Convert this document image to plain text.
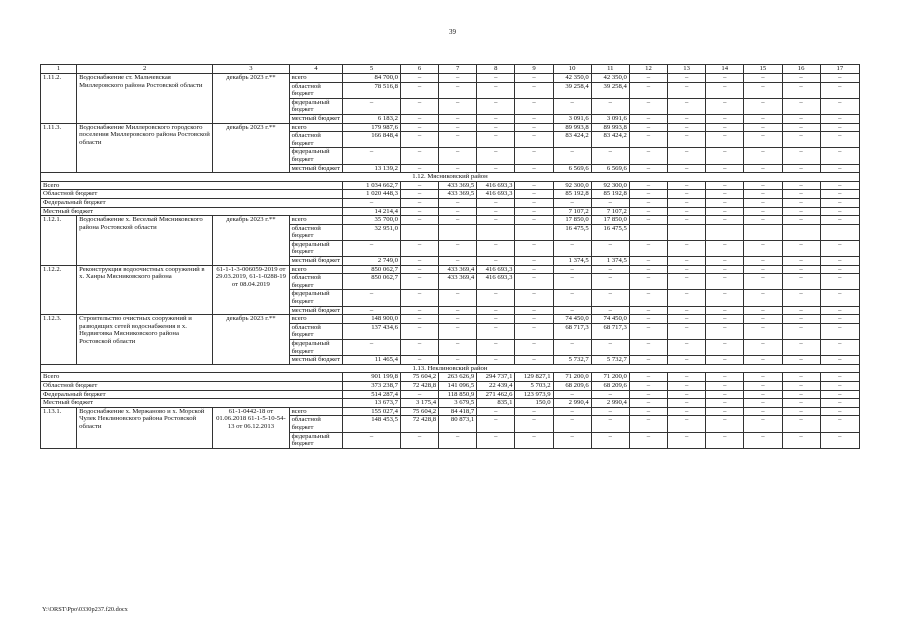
39
1	2	3	4	5	6	7	8	9	10	11	12	13	14	15	16	17
1.11.2.	Водоснабжение ст. Мальчевская Миллеровского района Ростовской области	декабрь 2023 г.**	всего	84 700,0	–	–	–	–	42 350,0	42 350,0	–	–	–	–	–	–
			областной бюджет	78 516,8	–	–	–	–	39 258,4	39 258,4	–	–	–	–	–	–
			федеральный бюджет	–	–	–	–	–	–	–	–	–	–	–	–	–
			местный бюджет	6 183,2	–	–	–	–	3 091,6	3 091,6	–	–	–	–	–	–
1.11.3.	Водоснабжение Миллеровского городского поселения Миллеровского района Ростовской области	декабрь 2023 г.**	всего	179 987,6	–	–	–	–	89 993,8	89 993,8	–	–	–	–	–	–
			областной бюджет	166 848,4	–	–	–	–	83 424,2	83 424,2	–	–	–	–	–	–
			федеральный бюджет	–	–	–	–	–	–	–	–	–	–	–	–	–
			местный бюджет	13 139,2	–	–	–	–	6 569,6	6 569,6	–	–	–	–	–	–
1.12. Мясниковский район																
Всего				1 034 662,7	–	433 369,5	416 693,3	–	92 300,0	92 300,0	–	–	–	–	–	–
Областной бюджет				1 020 448,3	–	433 369,5	416 693,3	–	85 192,8	85 192,8	–	–	–	–	–	–
Федеральный бюджет				–	–	–	–	–	–	–	–	–	–	–	–	–
Местный бюджет				14 214,4	–	–	–	–	7 107,2	7 107,2	–	–	–	–	–	–
1.12.1.	Водоснабжение х. Веселый Мясниковского района Ростовской области	декабрь 2023 г.**	всего	35 700,0	–	–	–	–	17 850,0	17 850,0	–	–	–	–	–	–
			областной бюджет	32 951,0					16 475,5	16 475,5						
			федеральный бюджет	–	–	–	–	–	–	–	–	–	–	–	–	–
			местный бюджет	2 749,0	–	–	–	–	1 374,5	1 374,5	–	–	–	–	–	–
1.12.2.	Реконструкция водоочистных сооружений в х. Ханры Мясниковского района	61-1-1-3-006059-2019 от 29.03.2019, 61-1-0288-19 от 08.04.2019	всего	850 062,7	–	433 369,4	416 693,3	–	–	–	–	–	–	–	–	–
			областной бюджет	850 062,7	–	433 369,4	416 693,3	–	–	–	–	–	–	–	–	–
			федеральный бюджет	–	–	–	–	–	–	–	–	–	–	–	–	–
			местный бюджет	–	–	–	–	–	–	–	–	–	–	–	–	–
1.12.3.	Строительство очистных сооружений и разводящих сетей водоснабжения в х. Недвиговка Мясниковского района Ростовской области	декабрь 2023 г.**	всего	148 900,0	–	–	–	–	74 450,0	74 450,0	–	–	–	–	–	–
			областной бюджет	137 434,6	–	–	–	–	68 717,3	68 717,3	–	–	–	–	–	–
			федеральный бюджет	–	–	–	–	–	–	–	–	–	–	–	–	–
			местный бюджет	11 465,4	–	–	–	–	5 732,7	5 732,7	–	–	–	–	–	–
1.13. Неклиновский район																
Всего				901 199,8	75 604,2	263 626,9	294 737,1	129 827,1	71 200,0	71 200,0	–	–	–	–	–	–
Областной бюджет				373 238,7	72 428,8	141 096,5	22 439,4	5 703,2	68 209,6	68 209,6	–	–	–	–	–	–
Федеральный бюджет				514 287,4	–	118 850,9	271 462,6	123 973,9	–	–	–	–	–	–	–	–
Местный бюджет				13 673,7	3 175,4	3 679,5	835,1	150,0	2 990,4	2 990,4	–	–	–	–	–	–
1.13.1.	Водоснабжение х. Мержаново и х. Морской Чулек Неклиновского района Ростовской области	61-1-0442-18 от 01.06.2018 61-1-5-10-54-13 от 06.12.2013	всего	155 027,4	75 604,2	84 418,7	–	–	–	–	–	–	–	–	–	–
			областной бюджет	148 453,5	72 428,8	80 873,1	–	–	–	–	–	–	–	–	–	–
			федеральный бюджет	–	–	–	–	–	–	–	–	–	–	–	–	–
Y:\ORST\Ppo\0330p237.f20.docx
